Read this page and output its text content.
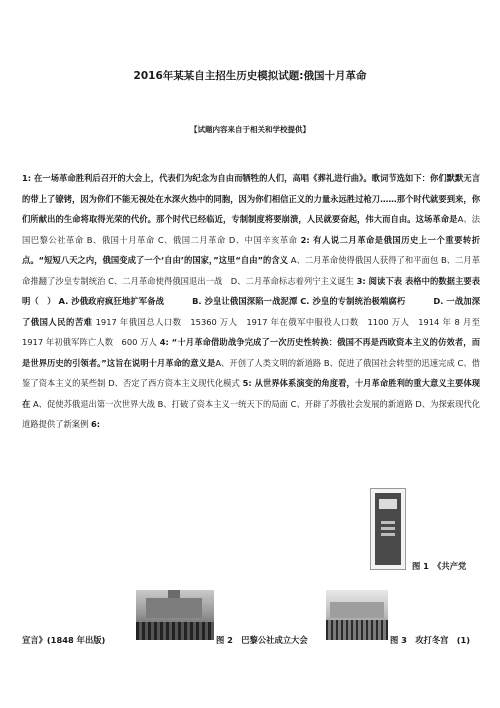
2016年某某自主招生历史模拟试题:俄国十月革命
【试题内容来自于相关和学校提供】

1: 在一场革命胜利后召开的大会上，代表们为纪念为自由而牺牲的人们，高唱《葬礼进行曲》。歌词节选如下：你们默默无言的带上了镣铐，因为你们不能无视处在水深火热中的同胞，因为你们相信正义的力量永远胜过枪刀……那个时代就要到来，你们所献出的生命将取得光荣的代价。那个时代已经临近，专制制度将要崩溃，人民就要奋起，伟大而自由。这场革命是A、法国巴黎公社革命 B、俄国十月革命 C、俄国二月革命 D、中国辛亥革命 2: 有人说二月革命是俄国历史上一个重要转折点。“短短八天之内，俄国变成了一个‘自由’的国家，”这里“自由”的含义 A、二月革命使得俄国人获得了和平面包 B、二月革命推翻了沙皇专制统治 C、二月革命使得俄国退出一战　D、二月革命标志着列宁主义诞生 3: 阅读下表 表格中的数据主要表明（　） A. 沙俄政府疯狂地扩军备战	B. 沙皇让俄国深陷一战泥潭 C. 沙皇的专制统治极端腐朽	D. 一战加深了俄国人民的苦难 1917 年俄国总人口数　15360 万人　1917 年在俄军中服役人口数　1100 万人　1914 年 8 月至 1917 年初俄军阵亡人数　600 万人 4: “十月革命借助战争完成了一次历史性转换：俄国不再是西欧资本主义的仿效者，而是世界历史的引领者。”这旨在说明十月革命的意义是A、开创了人类文明的新道路 B、促进了俄国社会转型的迅速完成 C、借鉴了资本主义的某些制 D、否定了西方资本主义现代化模式 5: 从世界体系演变的角度看，十月革命胜利的重大意义主要体现在 A、促使苏俄退出第一次世界大战 B、打破了资本主义一统天下的局面 C、开辟了苏俄社会发展的新道路 D、为探索现代化道路提供了新案例 6:

图 1　《共产党
宣言》(1848 年出版)	图 2　巴黎公社成立大会	图 3　攻打冬宫　(1)
